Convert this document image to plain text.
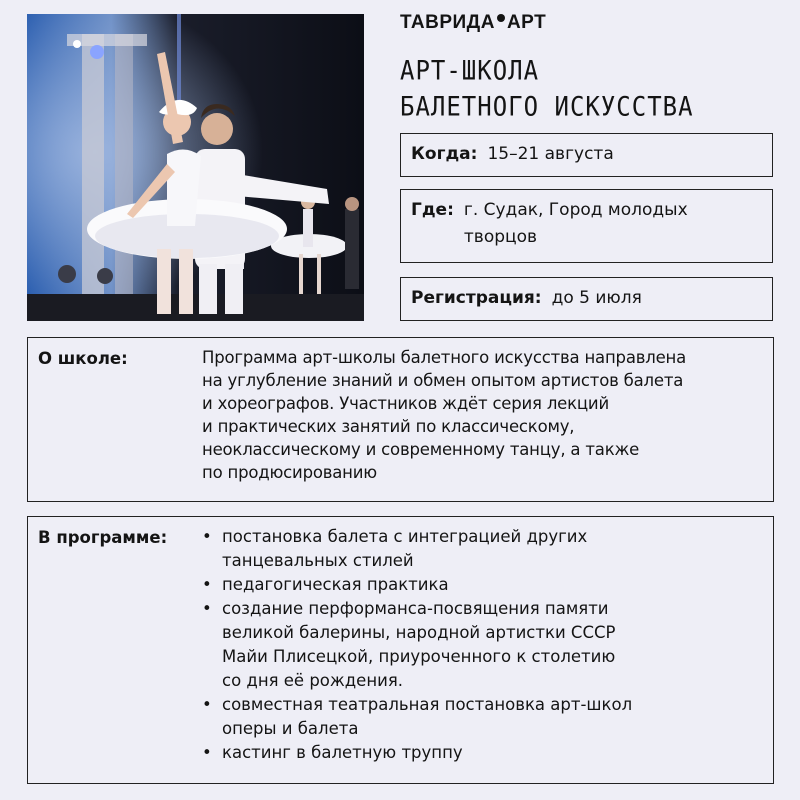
ТАВРИДА АРТ
АРТ-ШКОЛА
БАЛЕТНОГО ИСКУССТВА
Когда: 15–21 августа
Где: г. Судак, Город молодых
творцов
Регистрация: до 5 июля
О школе:	Программа арт-школы балетного искусства направлена
на углубление знаний и обмен опытом артистов балета
и хореографов. Участников ждёт серия лекций
и практических занятий по классическому,
неоклассическому и современному танцу, а также
по продюсированию
В программе:
•	постановка балета с интеграцией других
танцевальных стилей
• педагогическая практика
• создание перформанса-посвящения памяти
великой балерины, народной артистки СССР
Майи Плисецкой, приуроченного к столетию
со дня её рождения.
• совместная театральная постановка арт-школ
оперы и балета
• кастинг в балетную труппу
